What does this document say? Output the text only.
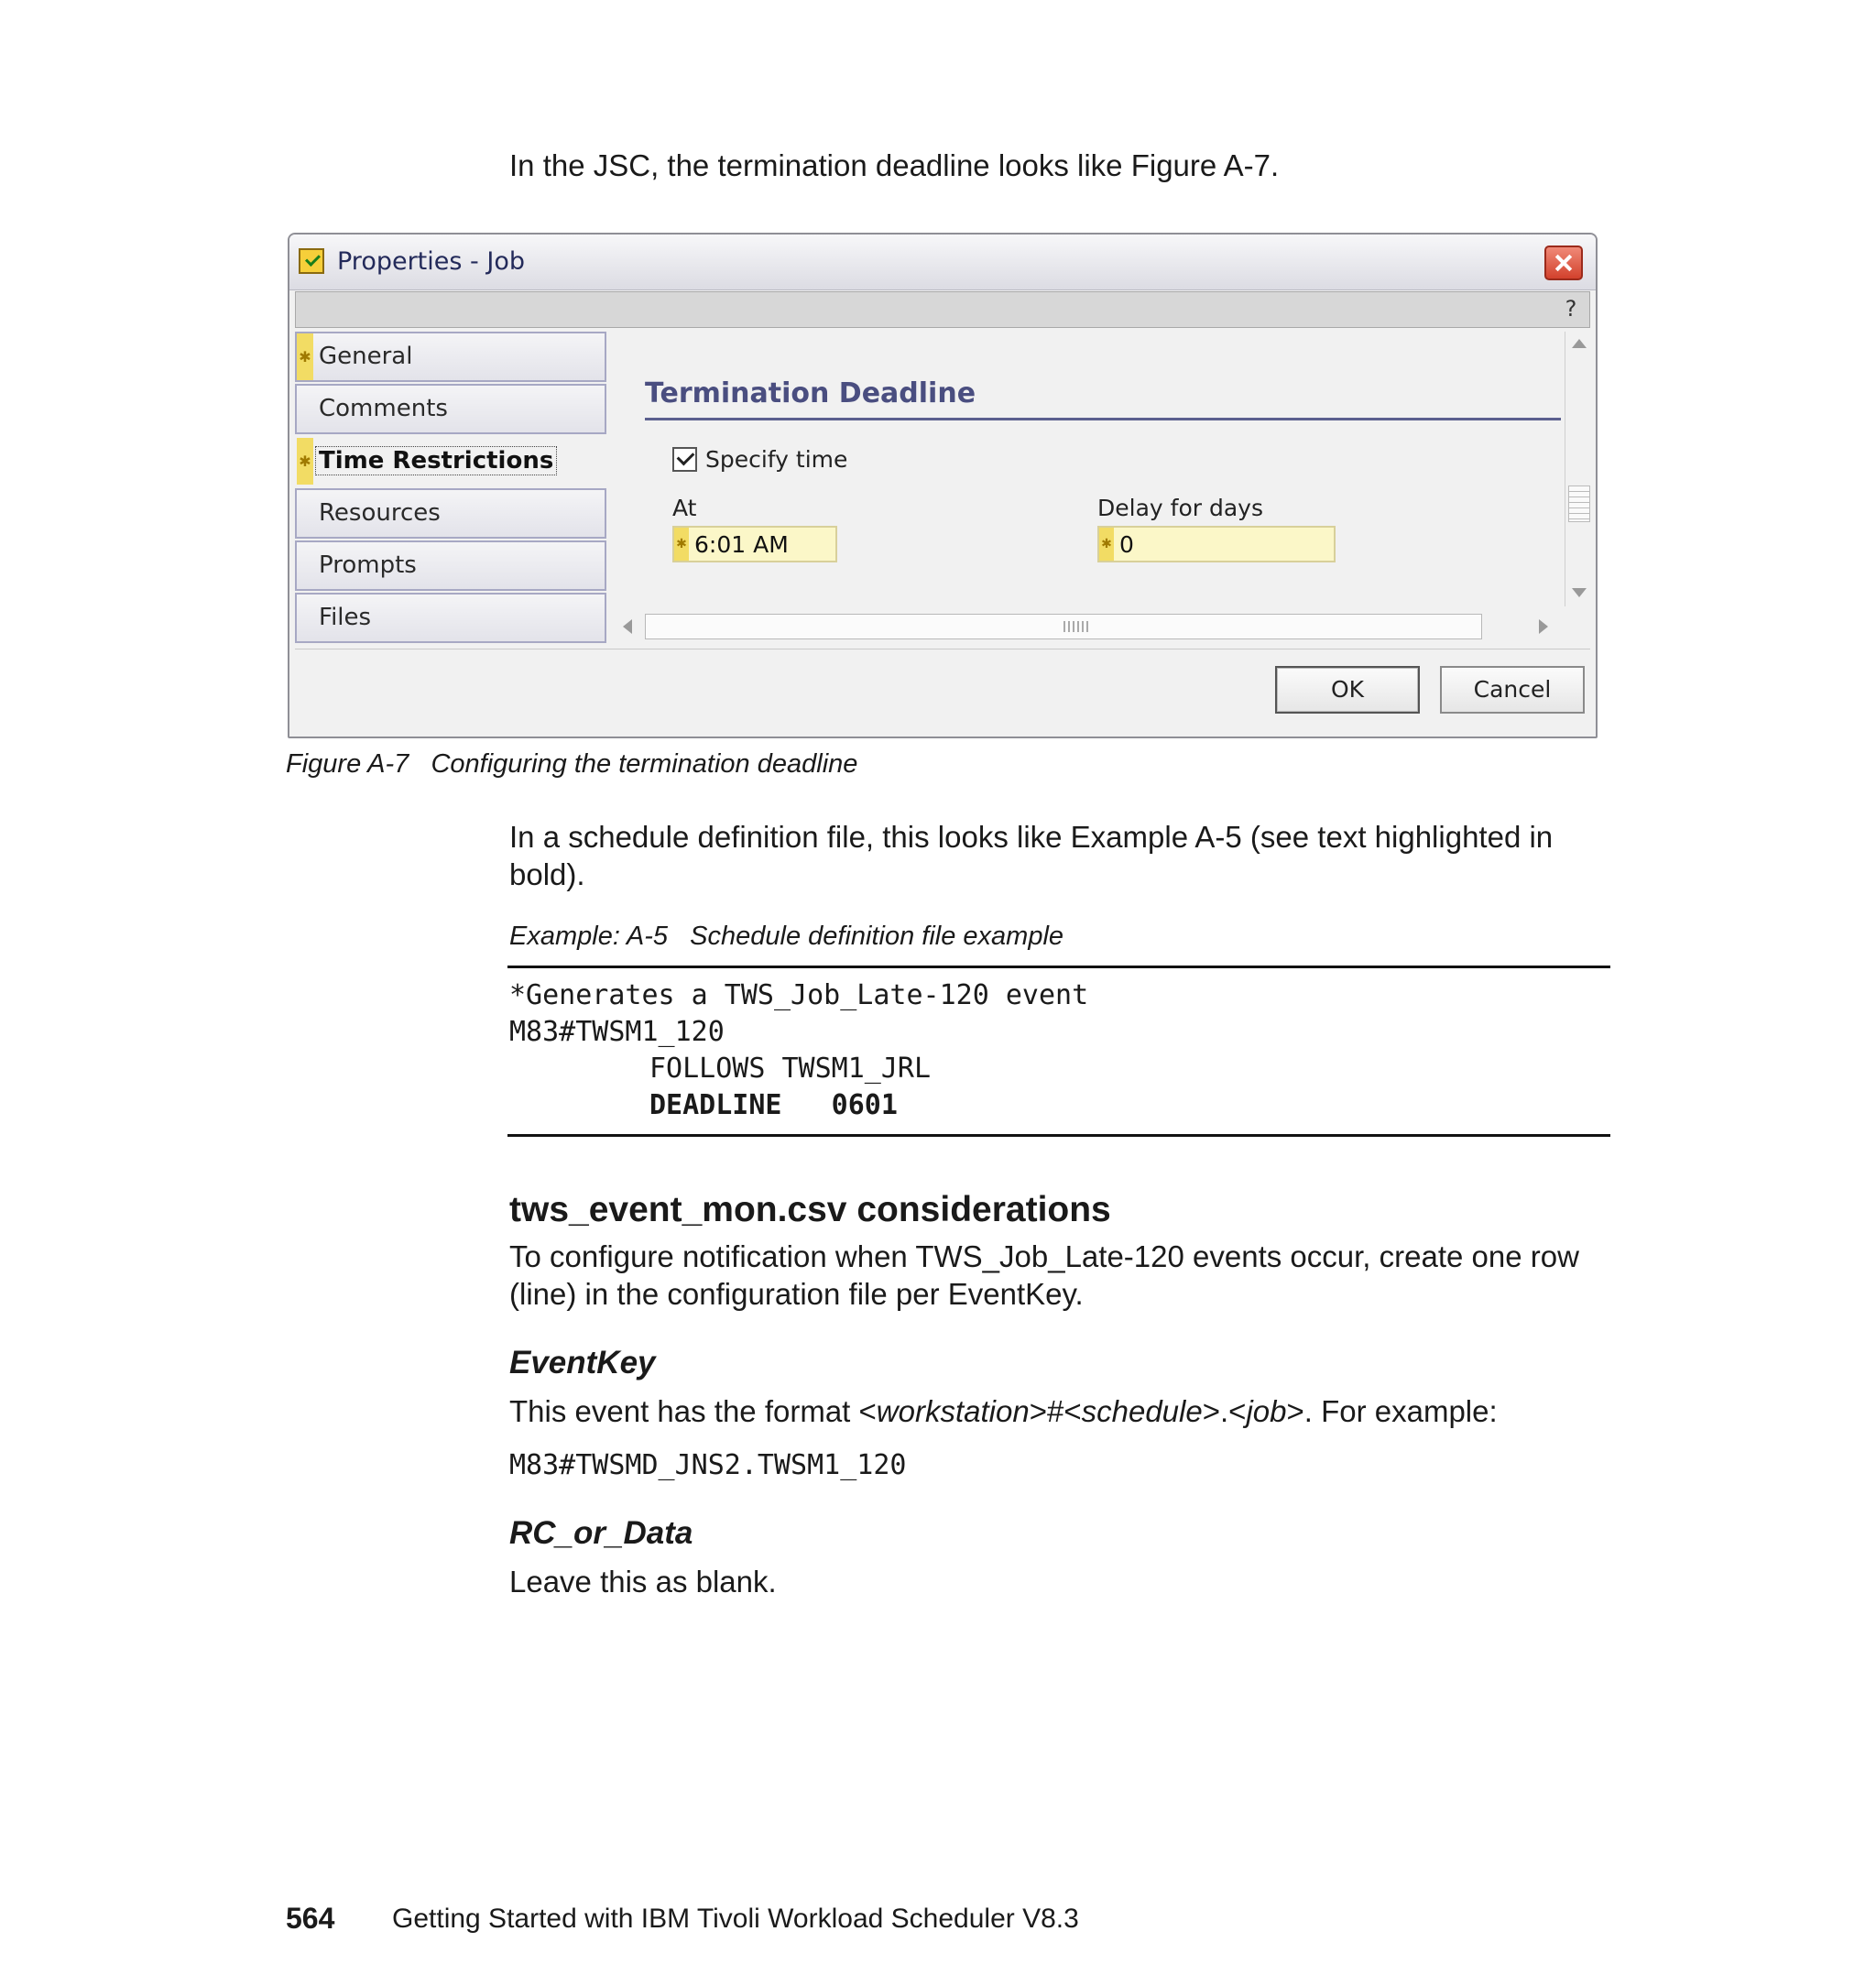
In the JSC, the termination deadline looks like Figure A-7.
Properties - Job
?
✱ General
Comments
✱ Time Restrictions
Resources
Prompts
Files
Termination Deadline
Specify time
At	Delay for days
✱ 6:01 AM	✱ 0
OK	Cancel
Figure A-7   Configuring the termination deadline
In a schedule definition file, this looks like Example A-5 (see text highlighted in bold).
Example: A-5   Schedule definition file example
*Generates a TWS_Job_Late-120 event
M83#TWSM1_120
FOLLOWS TWSM1_JRL
DEADLINE   0601
tws_event_mon.csv considerations
To configure notification when TWS_Job_Late-120 events occur, create one row (line) in the configuration file per EventKey.
EventKey
This event has the format <workstation>#<schedule>.<job>. For example:
M83#TWSMD_JNS2.TWSM1_120
RC_or_Data
Leave this as blank.
564 Getting Started with IBM Tivoli Workload Scheduler V8.3
